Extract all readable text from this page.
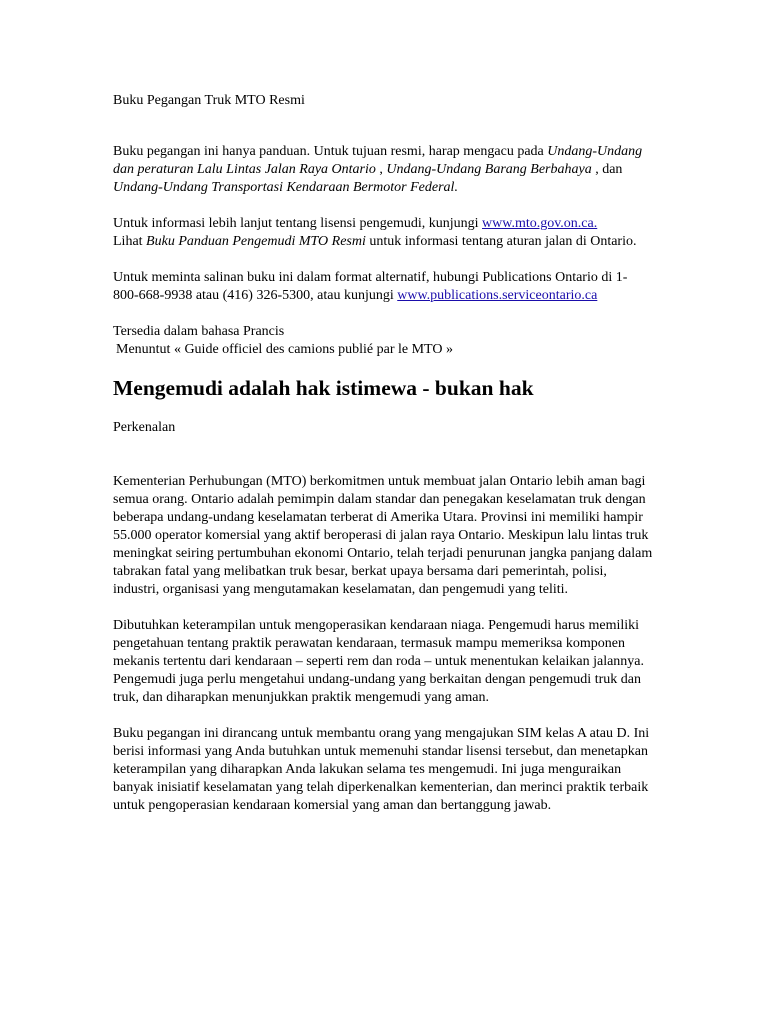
Buku Pegangan Truk MTO Resmi

Buku pegangan ini hanya panduan. Untuk tujuan resmi, harap mengacu pada Undang-Undang dan peraturan Lalu Lintas Jalan Raya Ontario , Undang-Undang Barang Berbahaya , dan Undang-Undang Transportasi Kendaraan Bermotor Federal.

Untuk informasi lebih lanjut tentang lisensi pengemudi, kunjungi www.mto.gov.on.ca.
Lihat Buku Panduan Pengemudi MTO Resmi untuk informasi tentang aturan jalan di Ontario.

Untuk meminta salinan buku ini dalam format alternatif, hubungi Publications Ontario di 1-800-668-9938 atau (416) 326-5300, atau kunjungi www.publications.serviceontario.ca

Tersedia dalam bahasa Prancis
Menuntut « Guide officiel des camions publié par le MTO »

Mengemudi adalah hak istimewa - bukan hak

Perkenalan

Kementerian Perhubungan (MTO) berkomitmen untuk membuat jalan Ontario lebih aman bagi semua orang. Ontario adalah pemimpin dalam standar dan penegakan keselamatan truk dengan beberapa undang-undang keselamatan terberat di Amerika Utara. Provinsi ini memiliki hampir 55.000 operator komersial yang aktif beroperasi di jalan raya Ontario. Meskipun lalu lintas truk meningkat seiring pertumbuhan ekonomi Ontario, telah terjadi penurunan jangka panjang dalam tabrakan fatal yang melibatkan truk besar, berkat upaya bersama dari pemerintah, polisi, industri, organisasi yang mengutamakan keselamatan, dan pengemudi yang teliti.

Dibutuhkan keterampilan untuk mengoperasikan kendaraan niaga. Pengemudi harus memiliki pengetahuan tentang praktik perawatan kendaraan, termasuk mampu memeriksa komponen mekanis tertentu dari kendaraan – seperti rem dan roda – untuk menentukan kelaikan jalannya. Pengemudi juga perlu mengetahui undang-undang yang berkaitan dengan pengemudi truk dan truk, dan diharapkan menunjukkan praktik mengemudi yang aman.

Buku pegangan ini dirancang untuk membantu orang yang mengajukan SIM kelas A atau D. Ini berisi informasi yang Anda butuhkan untuk memenuhi standar lisensi tersebut, dan menetapkan keterampilan yang diharapkan Anda lakukan selama tes mengemudi. Ini juga menguraikan banyak inisiatif keselamatan yang telah diperkenalkan kementerian, dan merinci praktik terbaik untuk pengoperasian kendaraan komersial yang aman dan bertanggung jawab.
